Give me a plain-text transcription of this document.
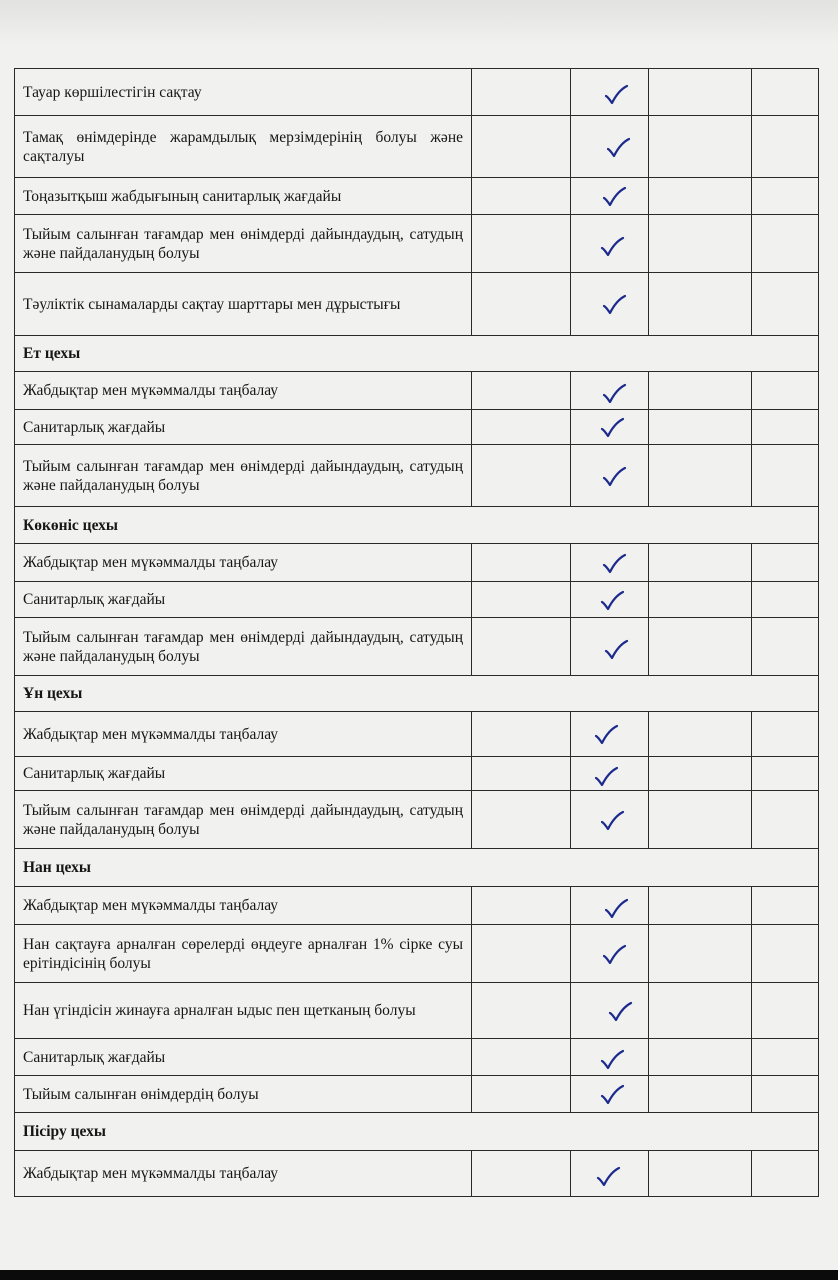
Тауар көршілестігін сақтау				
Тамақ өнімдерінде жарамдылық мерзімдерінің болуы және сақталуы				
Тоңазытқыш жабдығының санитарлық жағдайы				
Тыйым салынған тағамдар мен өнімдерді дайындаудың, сатудың және пайдаланудың болуы				
Тәуліктік сынамаларды сақтау шарттары мен дұрыстығы				
Ет цехы				
Жабдықтар мен мүкәммалды таңбалау				
Санитарлық жағдайы				
Тыйым салынған тағамдар мен өнімдерді дайындаудың, сатудың және пайдаланудың болуы				
Көкөніс цехы				
Жабдықтар мен мүкәммалды таңбалау				
Санитарлық жағдайы				
Тыйым салынған тағамдар мен өнімдерді дайындаудың, сатудың және пайдаланудың болуы				
Ұн цехы				
Жабдықтар мен мүкәммалды таңбалау				
Санитарлық жағдайы				
Тыйым салынған тағамдар мен өнімдерді дайындаудың, сатудың және пайдаланудың болуы				
Нан цехы				
Жабдықтар мен мүкәммалды таңбалау				
Нан сақтауға арналған сөрелерді өңдеуге арналған 1% сірке суы ерітіндісінің болуы				
Нан үгіндісін жинауға арналған ыдыс пен щетканың болуы				
Санитарлық жағдайы				
Тыйым салынған өнімдердің болуы				
Пісіру цехы				
Жабдықтар мен мүкәммалды таңбалау				
